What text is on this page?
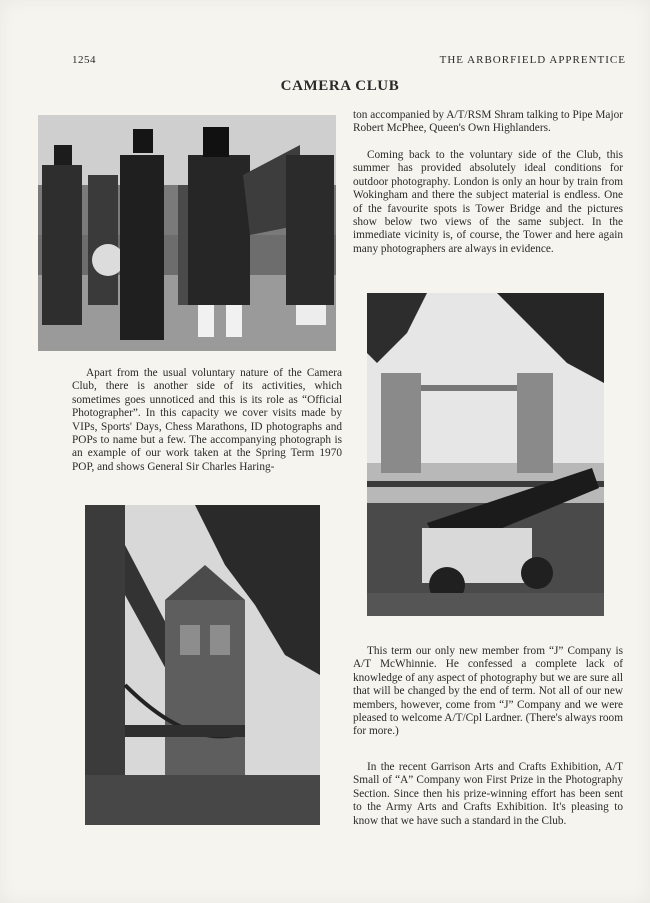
1254	THE ARBORFIELD APPRENTICE
CAMERA CLUB

ton accompanied by A/T/RSM Shram talking to Pipe Major Robert McPhee, Queen's Own Highlanders.

Coming back to the voluntary side of the Club, this summer has provided absolutely ideal conditions for outdoor photography. London is only an hour by train from Wokingham and there the subject material is endless. One of the favourite spots is Tower Bridge and the pictures show below two views of the same subject. In the immediate vicinity is, of course, the Tower and here again many photographers are always in evidence.

Apart from the usual voluntary nature of the Camera Club, there is another side of its activities, which sometimes goes unnoticed and this is its role as “Official Photographer”. In this capacity we cover visits made by VIPs, Sports' Days, Chess Marathons, ID photographs and POPs to name but a few. The accompanying photograph is an example of our work taken at the Spring Term 1970 POP, and shows General Sir Charles Haring-

This term our only new member from “J” Company is A/T McWhinnie. He confessed a complete lack of knowledge of any aspect of photography but we are sure all that will be changed by the end of term. Not all of our new members, however, come from “J” Company and we were pleased to welcome A/T/Cpl Lardner. (There's always room for more.)

In the recent Garrison Arts and Crafts Exhibition, A/T Small of “A” Company won First Prize in the Photography Section. Since then his prize-winning effort has been sent to the Army Arts and Crafts Exhibition. It's pleasing to know that we have such a standard in the Club.
